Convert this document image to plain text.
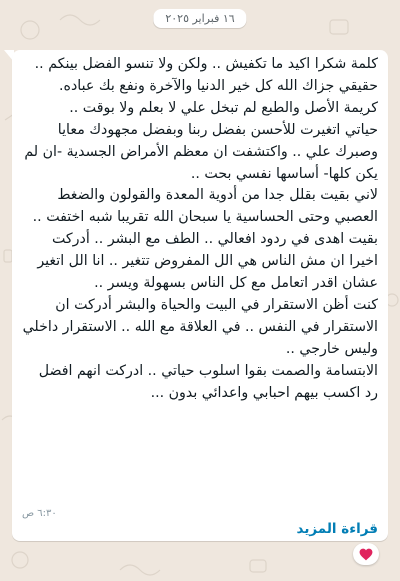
١٦ فبراير ٢٠٢٥
كلمة شكرا اكيد ما تكفيش .. ولكن ولا تنسو الفضل بينكم ..
حقيقي جزاك الله كل خير الدنيا والآخرة ونفع بك عباده. كريمة الأصل والطبع لم تبخل علي لا بعلم ولا بوقت ..
حياتي اتغيرت للأحسن بفضل ربنا وبفضل مجهودك معايا وصبرك علي .. واكتشفت ان معظم الأمراض الجسدية -ان لم يكن كلها- أساسها نفسي بحت ..
لاني بقيت بقلل جدا من أدوية المعدة والقولون والضغط العصبي وحتى الحساسية يا سبحان الله تقريبا شبه اختفت ..
بقيت اهدى في ردود افعالي .. الطف مع البشر .. أدركت اخيرا ان مش الناس هي الل المفروض تتغير .. انا الل اتغير عشان اقدر اتعامل مع كل الناس بسهولة ويسر ..
كنت أظن الاستقرار في البيت والحياة والبشر أدركت ان الاستقرار في النفس .. في العلاقة مع الله .. الاستقرار داخلي وليس خارجي ..
الابتسامة والصمت بقوا اسلوب حياتي .. ادركت انهم افضل رد اكسب بيهم احبابي واعدائي بدون ...
٦:٣٠ ص
قراءة المزيد
